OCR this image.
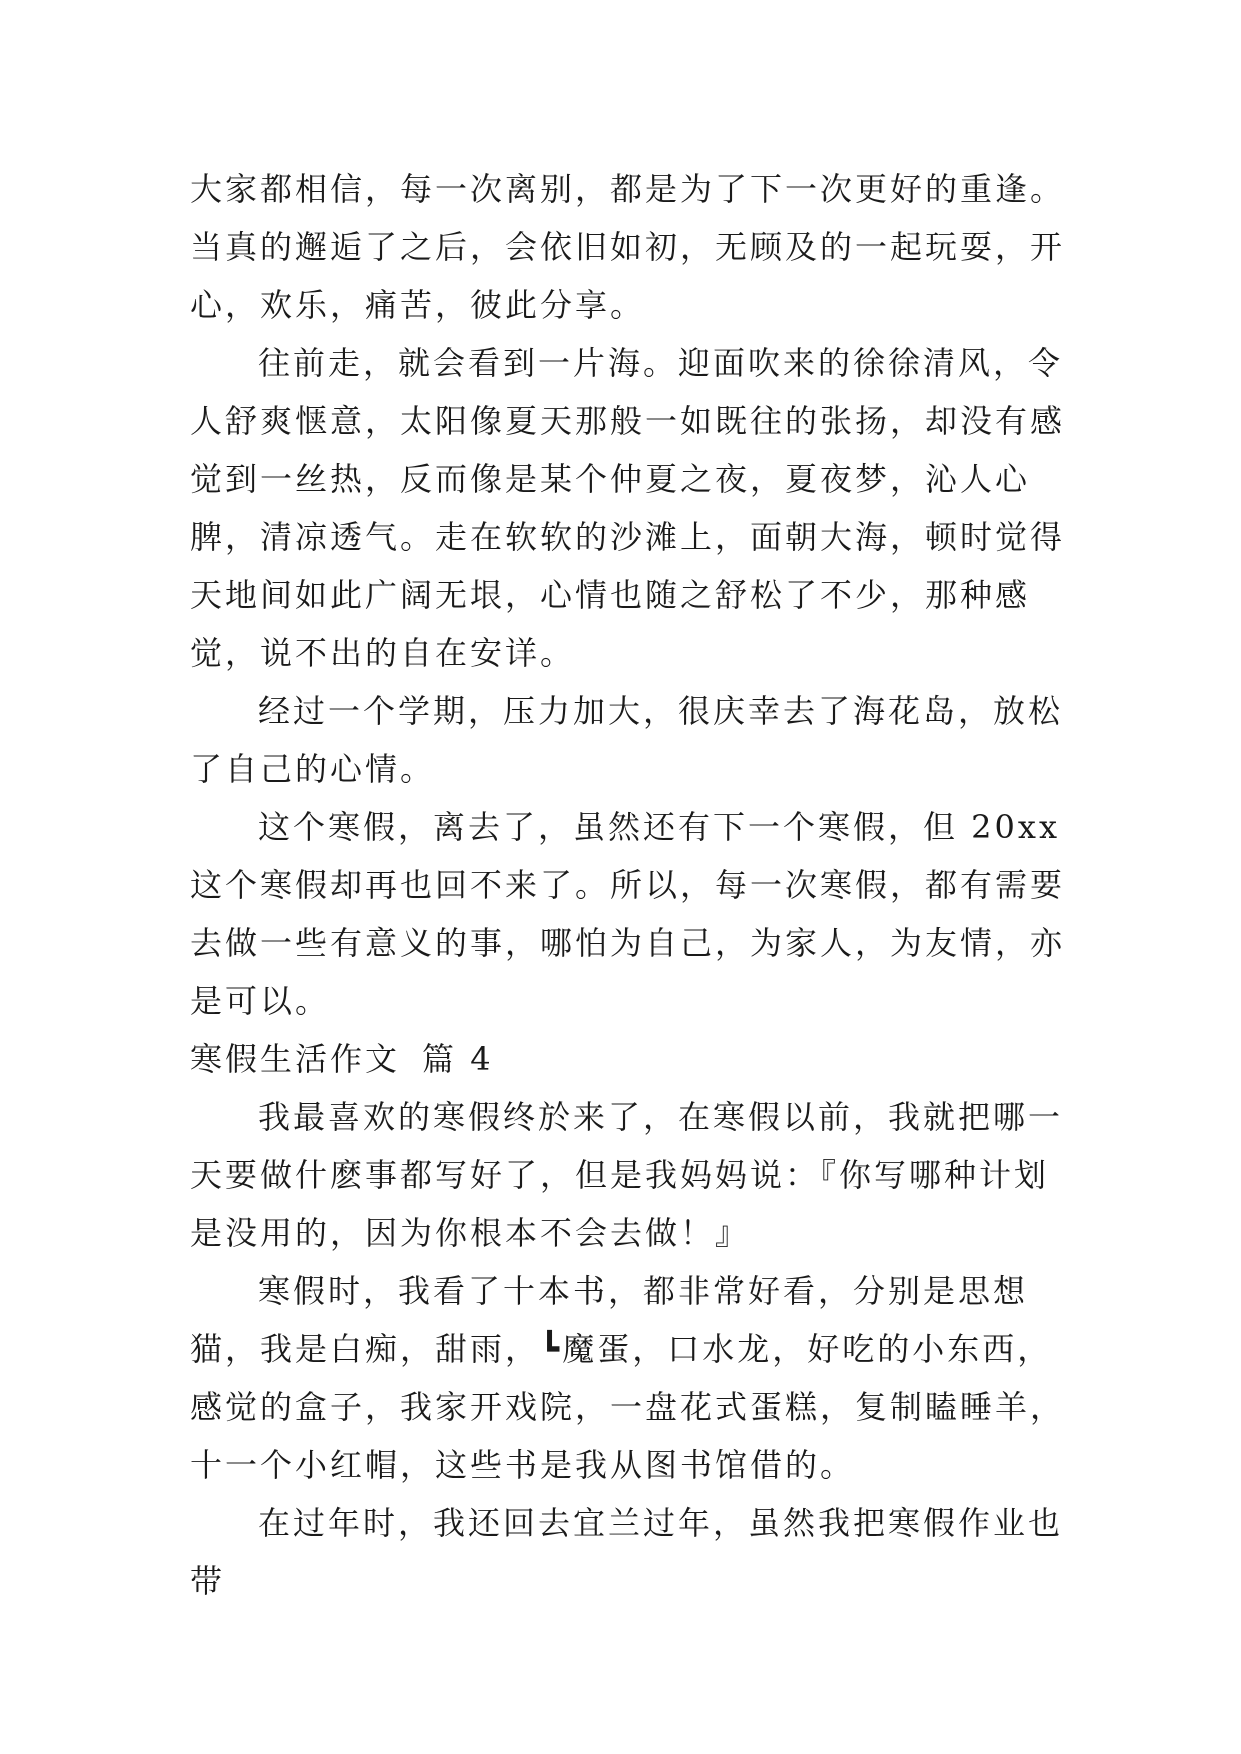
大家都相信，每一次离别，都是为了下一次更好的重逢。当真的邂逅了之后，会依旧如初，无顾及的一起玩耍，开心，欢乐，痛苦，彼此分享。

往前走，就会看到一片海。迎面吹来的徐徐清风，令人舒爽惬意，太阳像夏天那般一如既往的张扬，却没有感觉到一丝热，反而像是某个仲夏之夜，夏夜梦，沁人心脾，清凉透气。走在软软的沙滩上，面朝大海，顿时觉得天地间如此广阔无垠，心情也随之舒松了不少，那种感觉，说不出的自在安详。

经过一个学期，压力加大，很庆幸去了海花岛，放松了自己的心情。

这个寒假，离去了，虽然还有下一个寒假，但 20xx 这个寒假却再也回不来了。所以，每一次寒假，都有需要去做一些有意义的事，哪怕为自己，为家人，为友情，亦是可以。

寒假生活作文 篇 4

我最喜欢的寒假终於来了，在寒假以前，我就把哪一天要做什麽事都写好了，但是我妈妈说：『你写哪种计划是没用的，因为你根本不会去做！』

寒假时，我看了十本书，都非常好看，分别是思想猫，我是白痴，甜雨，┗魔蛋，口水龙，好吃的小东西，感觉的盒子，我家开戏院，一盘花式蛋糕，复制瞌睡羊，十一个小红帽，这些书是我从图书馆借的。

在过年时，我还回去宜兰过年，虽然我把寒假作业也带
